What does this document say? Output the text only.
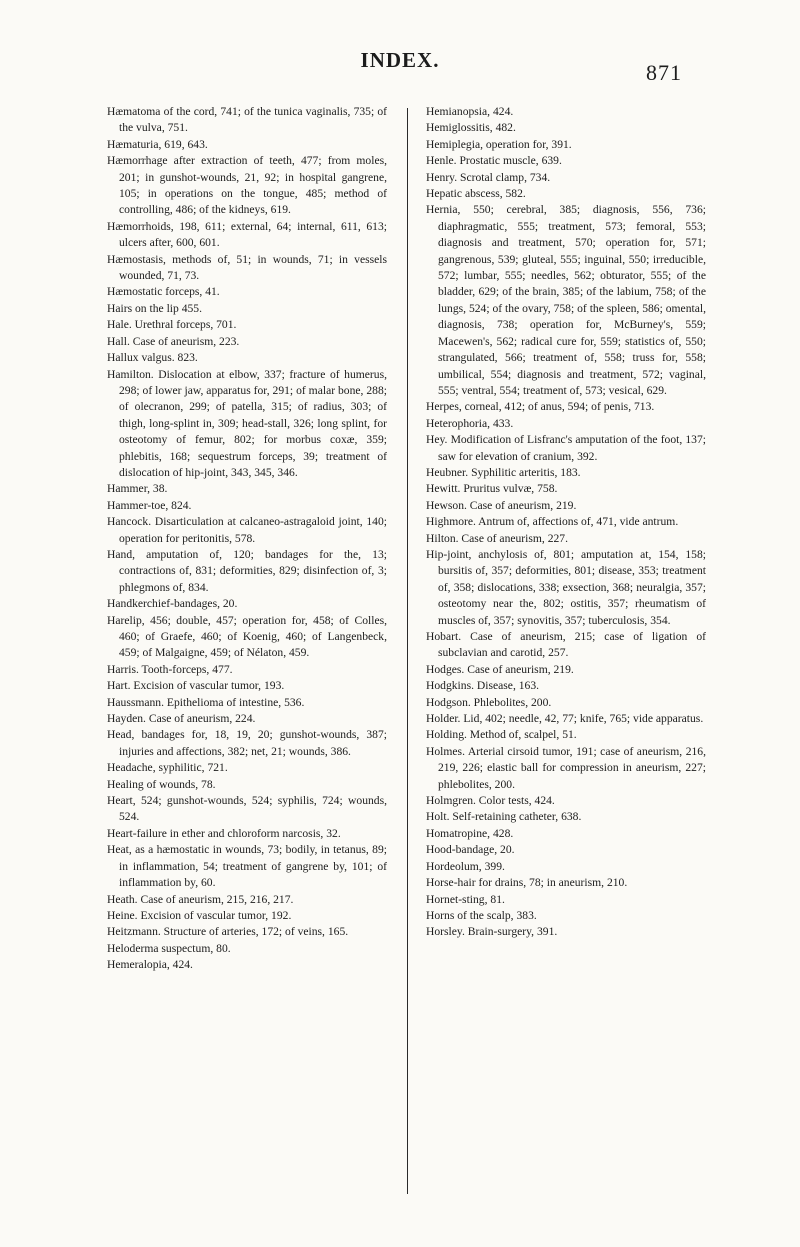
INDEX.	871

Hæmatoma of the cord, 741; of the tunica vaginalis, 735; of the vulva, 751.

Hæmaturia, 619, 643.

Hæmorrhage after extraction of teeth, 477; from moles, 201; in gunshot-wounds, 21, 92; in hospital gangrene, 105; in operations on the tongue, 485; method of controlling, 486; of the kidneys, 619.

Hæmorrhoids, 198, 611; external, 64; internal, 611, 613; ulcers after, 600, 601.

Hæmostasis, methods of, 51; in wounds, 71; in vessels wounded, 71, 73.

Hæmostatic forceps, 41.

Hairs on the lip 455.

Hale. Urethral forceps, 701.

Hall. Case of aneurism, 223.

Hallux valgus. 823.

Hamilton. Dislocation at elbow, 337; fracture of humerus, 298; of lower jaw, apparatus for, 291; of malar bone, 288; of olecranon, 299; of patella, 315; of radius, 303; of thigh, long-splint in, 309; head-stall, 326; long splint, for osteotomy of femur, 802; for morbus coxæ, 359; phlebitis, 168; sequestrum forceps, 39; treatment of dislocation of hip-joint, 343, 345, 346.

Hammer, 38.

Hammer-toe, 824.

Hancock. Disarticulation at calcaneo-astragaloid joint, 140; operation for peritonitis, 578.

Hand, amputation of, 120; bandages for the, 13; contractions of, 831; deformities, 829; disinfection of, 3; phlegmons of, 834.

Handkerchief-bandages, 20.

Harelip, 456; double, 457; operation for, 458; of Colles, 460; of Graefe, 460; of Koenig, 460; of Langenbeck, 459; of Malgaigne, 459; of Nélaton, 459.

Harris. Tooth-forceps, 477.

Hart. Excision of vascular tumor, 193.

Haussmann. Epithelioma of intestine, 536.

Hayden. Case of aneurism, 224.

Head, bandages for, 18, 19, 20; gunshot-wounds, 387; injuries and affections, 382; net, 21; wounds, 386.

Headache, syphilitic, 721.

Healing of wounds, 78.

Heart, 524; gunshot-wounds, 524; syphilis, 724; wounds, 524.

Heart-failure in ether and chloroform narcosis, 32.

Heat, as a hæmostatic in wounds, 73; bodily, in tetanus, 89; in inflammation, 54; treatment of gangrene by, 101; of inflammation by, 60.

Heath. Case of aneurism, 215, 216, 217.

Heine. Excision of vascular tumor, 192.

Heitzmann. Structure of arteries, 172; of veins, 165.

Heloderma suspectum, 80.

Hemeralopia, 424.

Hemianopsia, 424.

Hemiglossitis, 482.

Hemiplegia, operation for, 391.

Henle. Prostatic muscle, 639.

Henry. Scrotal clamp, 734.

Hepatic abscess, 582.

Hernia, 550; cerebral, 385; diagnosis, 556, 736; diaphragmatic, 555; treatment, 573; femoral, 553; diagnosis and treatment, 570; operation for, 571; gangrenous, 539; gluteal, 555; inguinal, 550; irreducible, 572; lumbar, 555; needles, 562; obturator, 555; of the bladder, 629; of the brain, 385; of the labium, 758; of the lungs, 524; of the ovary, 758; of the spleen, 586; omental, diagnosis, 738; operation for, McBurney's, 559; Macewen's, 562; radical cure for, 559; statistics of, 550; strangulated, 566; treatment of, 558; truss for, 558; umbilical, 554; diagnosis and treatment, 572; vaginal, 555; ventral, 554; treatment of, 573; vesical, 629.

Herpes, corneal, 412; of anus, 594; of penis, 713.

Heterophoria, 433.

Hey. Modification of Lisfranc's amputation of the foot, 137; saw for elevation of cranium, 392.

Heubner. Syphilitic arteritis, 183.

Hewitt. Pruritus vulvæ, 758.

Hewson. Case of aneurism, 219.

Highmore. Antrum of, affections of, 471, vide antrum.

Hilton. Case of aneurism, 227.

Hip-joint, anchylosis of, 801; amputation at, 154, 158; bursitis of, 357; deformities, 801; disease, 353; treatment of, 358; dislocations, 338; exsection, 368; neuralgia, 357; osteotomy near the, 802; ostitis, 357; rheumatism of muscles of, 357; synovitis, 357; tuberculosis, 354.

Hobart. Case of aneurism, 215; case of ligation of subclavian and carotid, 257.

Hodges. Case of aneurism, 219.

Hodgkins. Disease, 163.

Hodgson. Phlebolites, 200.

Holder. Lid, 402; needle, 42, 77; knife, 765; vide apparatus.

Holding. Method of, scalpel, 51.

Holmes. Arterial cirsoid tumor, 191; case of aneurism, 216, 219, 226; elastic ball for compression in aneurism, 227; phlebolites, 200.

Holmgren. Color tests, 424.

Holt. Self-retaining catheter, 638.

Homatropine, 428.

Hood-bandage, 20.

Hordeolum, 399.

Horse-hair for drains, 78; in aneurism, 210.

Hornet-sting, 81.

Horns of the scalp, 383.

Horsley. Brain-surgery, 391.
